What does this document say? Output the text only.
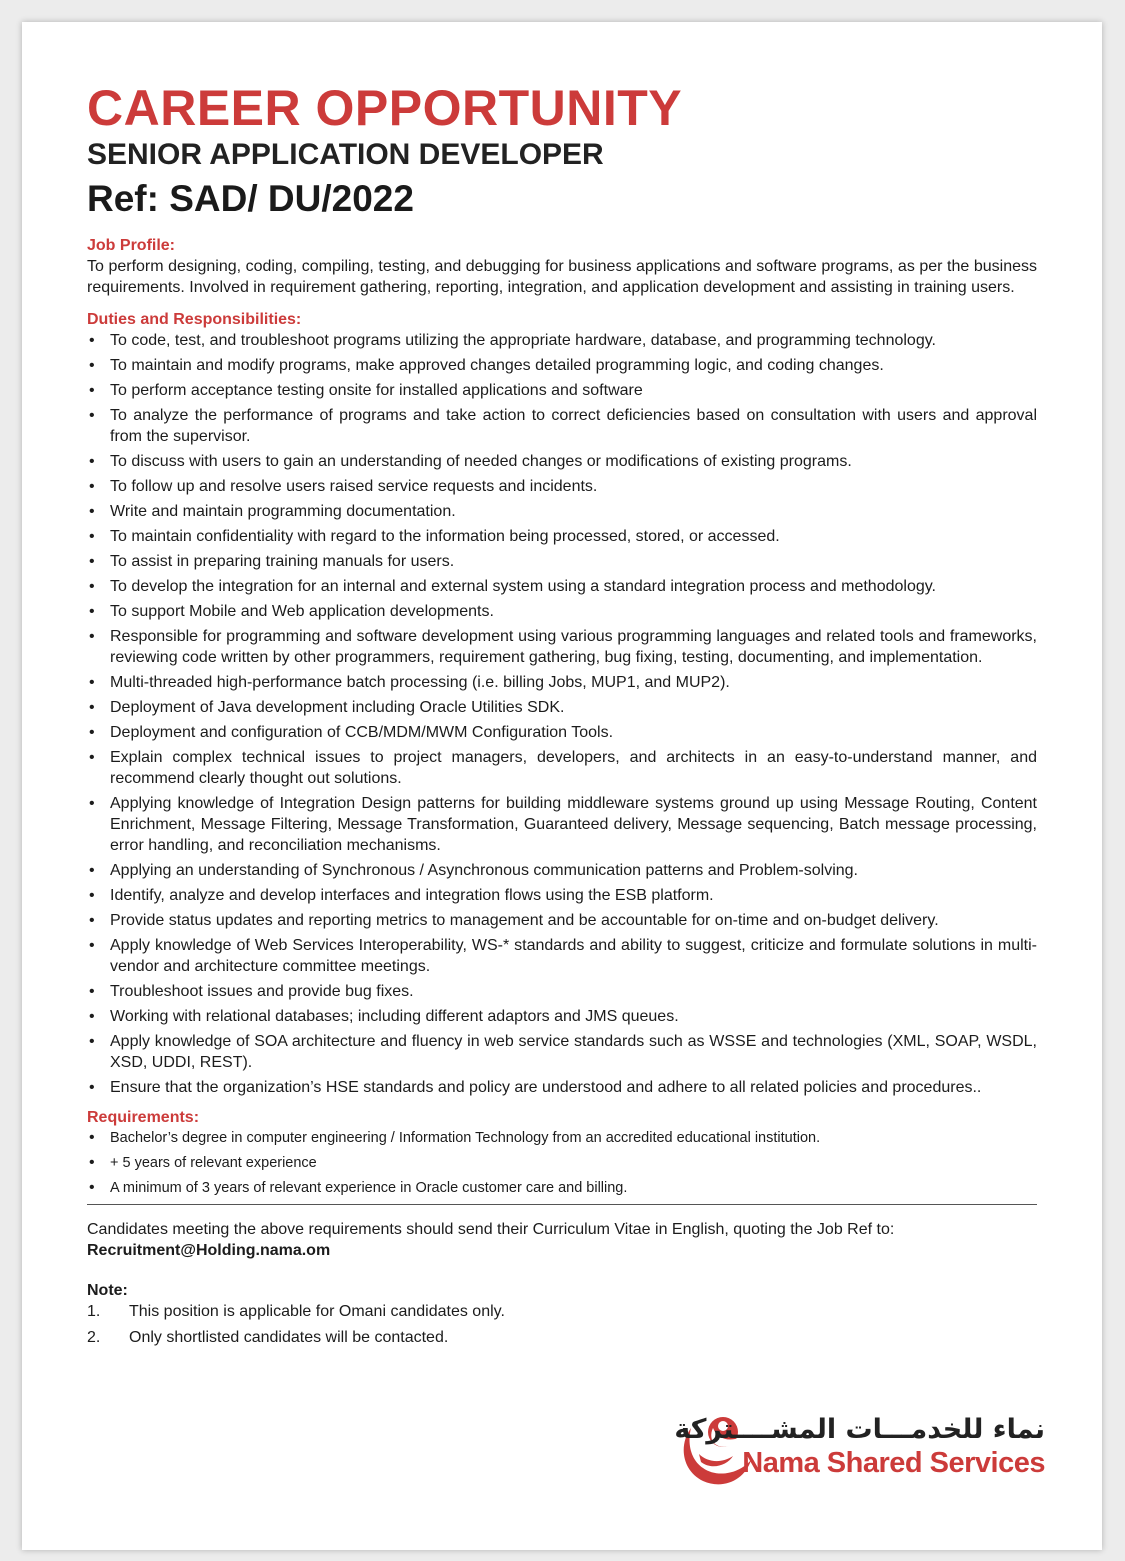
CAREER OPPORTUNITY
SENIOR APPLICATION DEVELOPER
Ref: SAD/ DU/2022
Job Profile:

To perform designing, coding, compiling, testing, and debugging for business applications and software programs, as per the business requirements. Involved in requirement gathering, reporting, integration, and application development and assisting in training users.

Duties and Responsibilities:
• To code, test, and troubleshoot programs utilizing the appropriate hardware, database, and programming technology.
• To maintain and modify programs, make approved changes detailed programming logic, and coding changes.
• To perform acceptance testing onsite for installed applications and software
• To analyze the performance of programs and take action to correct deficiencies based on consultation with users and approval from the supervisor.
• To discuss with users to gain an understanding of needed changes or modifications of existing programs.
• To follow up and resolve users raised service requests and incidents.
• Write and maintain programming documentation.
• To maintain confidentiality with regard to the information being processed, stored, or accessed.
• To assist in preparing training manuals for users.
• To develop the integration for an internal and external system using a standard integration process and methodology.
• To support Mobile and Web application developments.
• Responsible for programming and software development using various programming languages and related tools and frameworks, reviewing code written by other programmers, requirement gathering, bug fixing, testing, documenting, and implementation.
• Multi-threaded high-performance batch processing (i.e. billing Jobs, MUP1, and MUP2).
• Deployment of Java development including Oracle Utilities SDK.
• Deployment and configuration of CCB/MDM/MWM Configuration Tools.
• Explain complex technical issues to project managers, developers, and architects in an easy-to-understand manner, and recommend clearly thought out solutions.
• Applying knowledge of Integration Design patterns for building middleware systems ground up using Message Routing, Content Enrichment, Message Filtering, Message Transformation, Guaranteed delivery, Message sequencing, Batch message processing, error handling, and reconciliation mechanisms.
• Applying an understanding of Synchronous / Asynchronous communication patterns and Problem-solving.
• Identify, analyze and develop interfaces and integration flows using the ESB platform.
• Provide status updates and reporting metrics to management and be accountable for on-time and on-budget delivery.
• Apply knowledge of Web Services Interoperability, WS-* standards and ability to suggest, criticize and formulate solutions in multi-vendor and architecture committee meetings.
• Troubleshoot issues and provide bug fixes.
• Working with relational databases; including different adaptors and JMS queues.
• Apply knowledge of SOA architecture and fluency in web service standards such as WSSE and technologies (XML, SOAP, WSDL, XSD, UDDI, REST).
• Ensure that the organization’s HSE standards and policy are understood and adhere to all related policies and procedures..
Requirements:
• Bachelor’s degree in computer engineering / Information Technology from an accredited educational institution.
• + 5 years of relevant experience
• A minimum of 3 years of relevant experience in Oracle customer care and billing.
Candidates meeting the above requirements should send their Curriculum Vitae in English, quoting the Job Ref to:
Recruitment@Holding.nama.om
Note:
1.	This position is applicable for Omani candidates only.
2.	Only shortlisted candidates will be contacted.
نماء للخدمـــات المشــــتركة
Nama Shared Services
